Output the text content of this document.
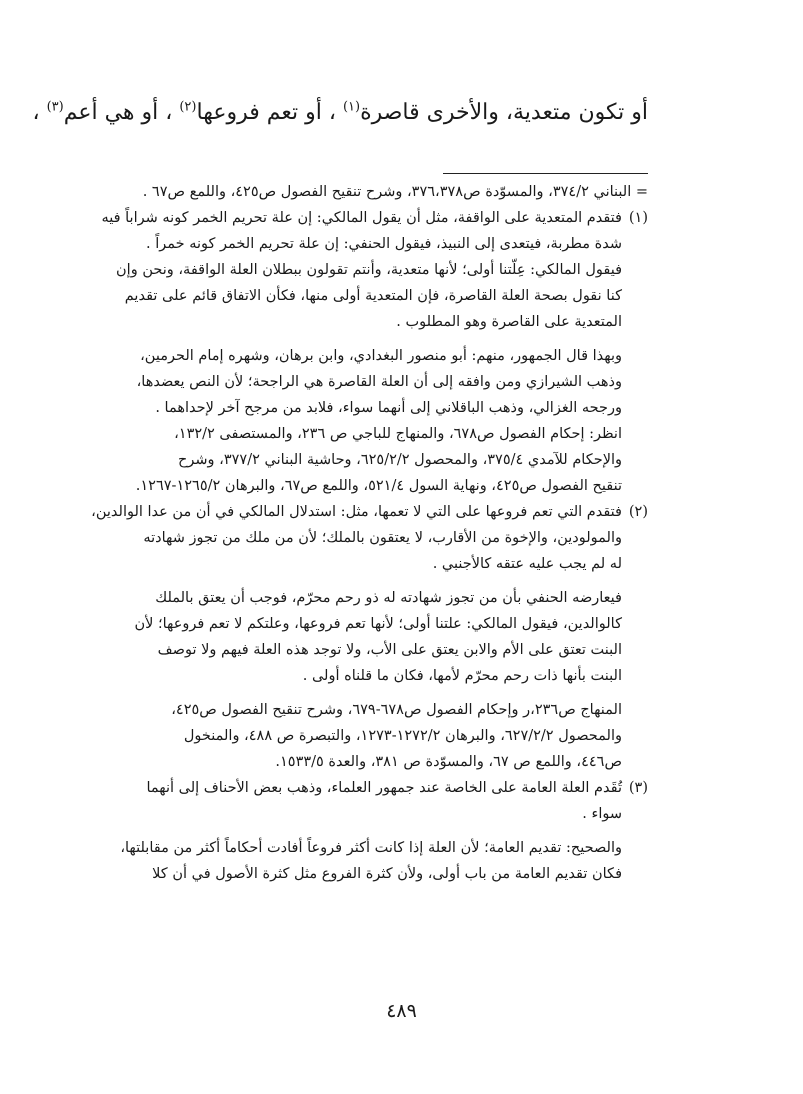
أو تكون متعدية، والأخرى قاصرة$^{(١)}$ ، أو تعم فروعها$^{(٢)}$ ، أو هي أعم$^{(٣)}$ ،
= البناني ٣٧٤/٢، والمسوّدة ص٣٧٦،٣٧٨، وشرح تنقيح الفصول ص٤٢٥، واللمع ص٦٧ .
(١)فتقدم المتعدية على الواقفة، مثل أن يقول المالكي: إن علة تحريم الخمر كونه شراباً فيه
شدة مطربة، فيتعدى إلى النبيذ، فيقول الحنفي: إن علة تحريم الخمر كونه خمراً .
فيقول المالكي: عِلّتنا أولى؛ لأنها متعدية، وأنتم تقولون ببطلان العلة الواقفة، ونحن وإن
كنا نقول بصحة العلة القاصرة، فإن المتعدية أولى منها، فكأن الاتفاق قائم على تقديم
المتعدية على القاصرة وهو المطلوب .
وبهذا قال الجمهور، منهم: أبو منصور البغدادي، وابن برهان، وشهره إمام الحرمين،
وذهب الشيرازي ومن وافقه إلى أن العلة القاصرة هي الراجحة؛ لأن النص يعضدها،
ورجحه الغزالي، وذهب الباقلاني إلى أنهما سواء، فلابد من مرجح آخر لإحداهما .
انظر: إحكام الفصول ص٦٧٨، والمنهاج للباجي ص ٢٣٦، والمستصفى ١٣٢/٢،
والإحكام للآمدي ٣٧٥/٤، والمحصول ٦٢٥/٢/٢، وحاشية البناني ٣٧٧/٢، وشرح
تنقيح الفصول ص٤٢٥، ونهاية السول ٥٢١/٤، واللمع ص٦٧، والبرهان ١٢٦٥/٢-١٢٦٧.
(٢)فتقدم التي تعم فروعها على التي لا تعمها، مثل: استدلال المالكي في أن من عدا الوالدين،
والمولودين، والإخوة من الأقارب، لا يعتقون بالملك؛ لأن من ملك من تجوز شهادته
له لم يجب عليه عتقه كالأجنبي .
فيعارضه الحنفي بأن من تجوز شهادته له ذو رحم محرّم، فوجب أن يعتق بالملك
كالوالدين، فيقول المالكي: علتنا أولى؛ لأنها تعم فروعها، وعلتكم لا تعم فروعها؛ لأن
البنت تعتق على الأم والابن يعتق على الأب، ولا توجد هذه العلة فيهم ولا توصف
البنت بأنها ذات رحم محرّم لأمها، فكان ما قلناه أولى .
المنهاج ص٢٣٦،ر وإحكام الفصول ص٦٧٨-٦٧٩، وشرح تنقيح الفصول ص٤٢٥،
والمحصول ٦٢٧/٢/٢، والبرهان ١٢٧٢/٢-١٢٧٣، والتبصرة ص ٤٨٨، والمنخول
ص٤٤٦، واللمع ص ٦٧، والمسوّدة ص ٣٨١، والعدة ١٥٣٣/٥.
(٣)تُقَدم العلة العامة على الخاصة عند جمهور العلماء، وذهب بعض الأحناف إلى أنهما
سواء .
والصحيح: تقديم العامة؛ لأن العلة إذا كانت أكثر فروعاً أفادت أحكاماً أكثر من مقابلتها،
فكان تقديم العامة من باب أولى، ولأن كثرة الفروع مثل كثرة الأصول في أن كلا
٤٨٩
